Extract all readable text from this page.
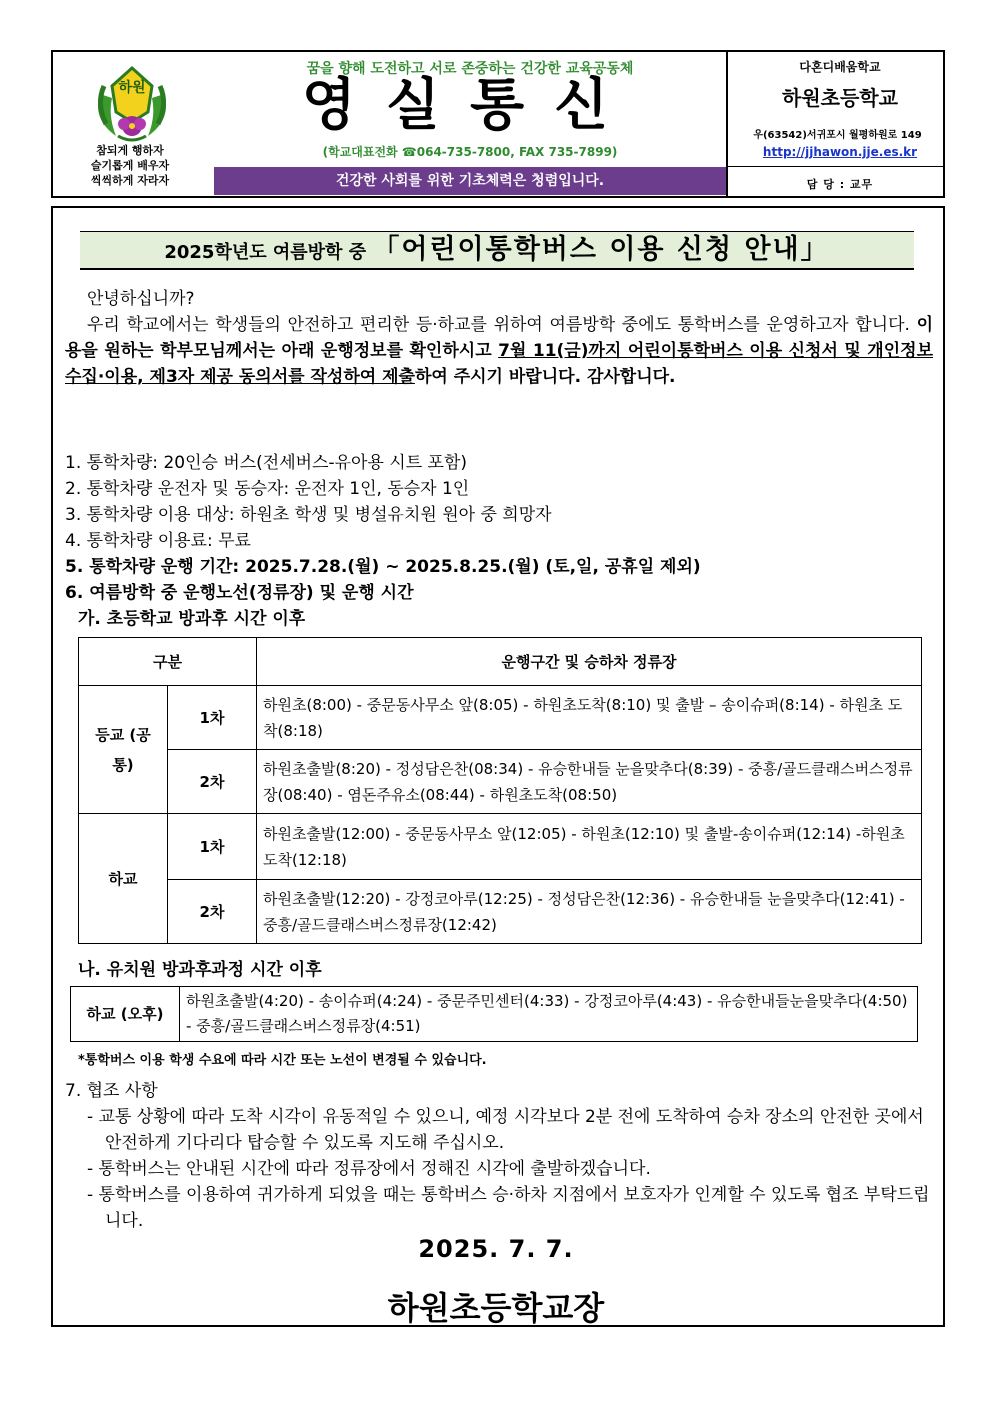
하원
참되게 행하자
슬기롭게 배우자
씩씩하게 자라자
꿈을 향해 도전하고 서로 존중하는 건강한 교육공동체
영실통신
(학교대표전화 ☎064-735-7800, FAX 735-7899)
건강한 사회를 위한 기초체력은 청렴입니다.
다혼디배움학교
하원초등학교
우(63542)서귀포시 월평하원로 149
http://jjhawon.jje.es.kr
담 당 : 교무
2025학년도 여름방학 중 「어린이통학버스 이용 신청 안내」
안녕하십니까?
우리 학교에서는 학생들의 안전하고 편리한 등·하교를 위하여 여름방학 중에도 통학버스를 운영하고자 합니다. 이용을 원하는 학부모님께서는 아래 운행정보를 확인하시고 7월 11(금)까지 어린이통학버스 이용 신청서 및 개인정보 수집·이용, 제3자 제공 동의서를 작성하여 제출하여 주시기 바랍니다. 감사합니다.
1. 통학차량: 20인승 버스(전세버스-유아용 시트 포함)
2. 통학차량 운전자 및 동승자: 운전자 1인, 동승자 1인
3. 통학차량 이용 대상: 하원초 학생 및 병설유치원 원아 중 희망자
4. 통학차량 이용료: 무료
5. 통학차량 운행 기간: 2025.7.28.(월) ~ 2025.8.25.(월) (토,일, 공휴일 제외)
6. 여름방학 중 운행노선(정류장) 및 운행 시간
가. 초등학교 방과후 시간 이후
구분		운행구간 및 승하차 정류장
등교 (공통)	1차	하원초(8:00) - 중문동사무소 앞(8:05) - 하원초도착(8:10) 및 출발 – 송이슈퍼(8:14) - 하원초 도착(8:18)
	2차	하원초출발(8:20) - 정성담은찬(08:34) - 유승한내들 눈을맞추다(8:39) - 중흥/골드클래스버스정류장(08:40) - 염돈주유소(08:44) - 하원초도착(08:50)
하교	1차	하원초출발(12:00) - 중문동사무소 앞(12:05) - 하원초(12:10) 및 출발-송이슈퍼(12:14) -하원초 도착(12:18)
	2차	하원초출발(12:20) - 강정코아루(12:25) - 정성담은찬(12:36) - 유승한내들 눈을맞추다(12:41) - 중흥/골드클래스버스정류장(12:42)
나. 유치원 방과후과정 시간 이후
하교 (오후)	하원초출발(4:20) - 송이슈퍼(4:24) - 중문주민센터(4:33) - 강정코아루(4:43) - 유승한내들눈을맞추다(4:50) - 중흥/골드클래스버스정류장(4:51)
*통학버스 이용 학생 수요에 따라 시간 또는 노선이 변경될 수 있습니다.
7. 협조 사항
- 교통 상황에 따라 도착 시각이 유동적일 수 있으니, 예정 시각보다 2분 전에 도착하여 승차 장소의 안전한 곳에서 안전하게 기다리다 탑승할 수 있도록 지도해 주십시오.
- 통학버스는 안내된 시간에 따라 정류장에서 정해진 시각에 출발하겠습니다.
- 통학버스를 이용하여 귀가하게 되었을 때는 통학버스 승·하차 지점에서 보호자가 인계할 수 있도록 협조 부탁드립니다.
2025. 7. 7.
하원초등학교장
